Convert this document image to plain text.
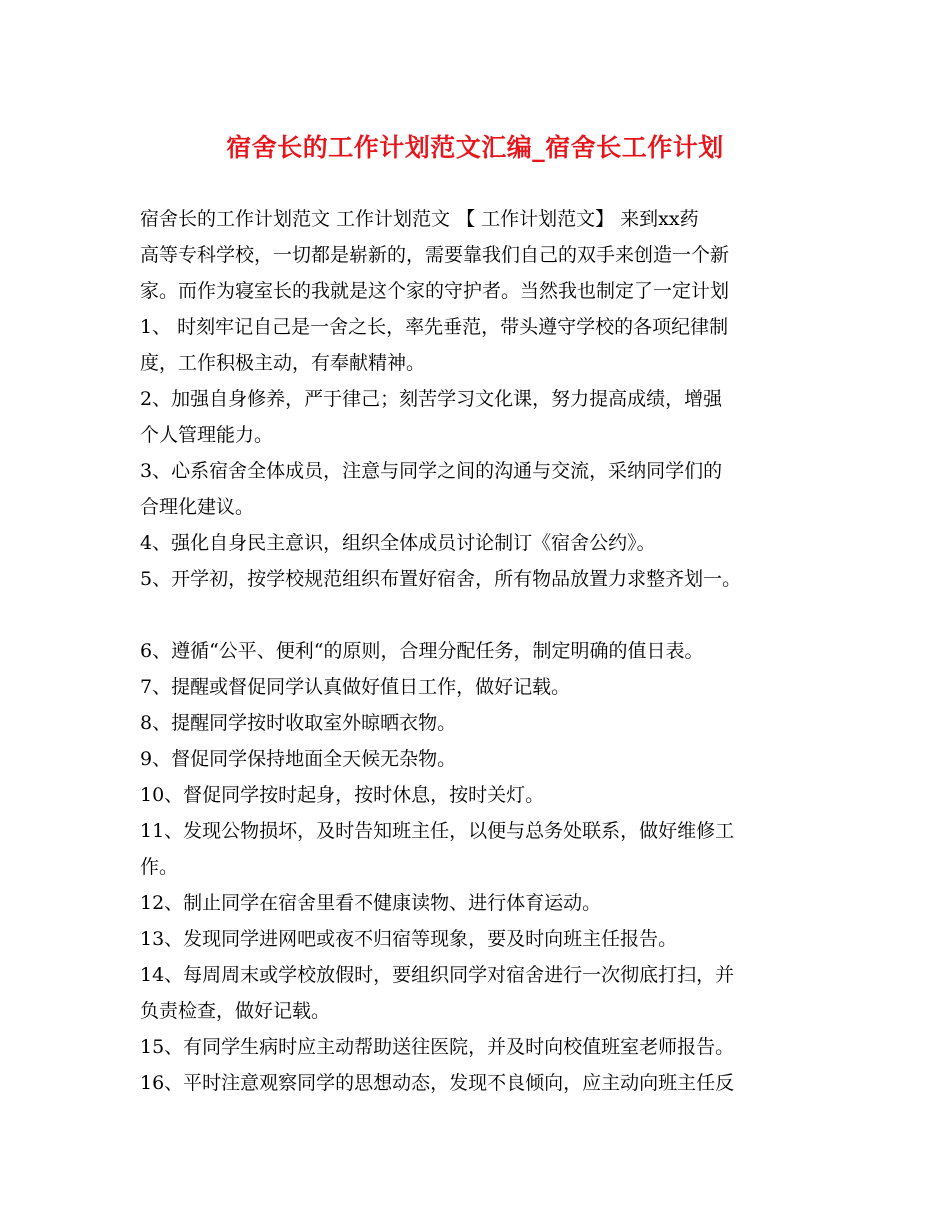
宿舍长的工作计划范文汇编_宿舍长工作计划
宿舍长的工作计划范文 工作计划范文 【 工作计划范文】 来到xx药
高等专科学校，一切都是崭新的，需要靠我们自己的双手来创造一个新
家。而作为寝室长的我就是这个家的守护者。当然我也制定了一定计划
1、 时刻牢记自己是一舍之长，率先垂范，带头遵守学校的各项纪律制
度，工作积极主动，有奉献精神。
2、加强自身修养，严于律己；刻苦学习文化课，努力提高成绩，增强
个人管理能力。
3、心系宿舍全体成员，注意与同学之间的沟通与交流，采纳同学们的
合理化建议。
4、强化自身民主意识，组织全体成员讨论制订《宿舍公约》。
5、开学初，按学校规范组织布置好宿舍，所有物品放置力求整齐划一。
6、遵循“公平、便利“的原则，合理分配任务，制定明确的值日表。
7、提醒或督促同学认真做好值日工作，做好记载。
8、提醒同学按时收取室外晾晒衣物。
9、督促同学保持地面全天候无杂物。
10、督促同学按时起身，按时休息，按时关灯。
11、发现公物损坏，及时告知班主任，以便与总务处联系，做好维修工
作。
12、制止同学在宿舍里看不健康读物、进行体育运动。
13、发现同学进网吧或夜不归宿等现象，要及时向班主任报告。
14、每周周末或学校放假时，要组织同学对宿舍进行一次彻底打扫，并
负责检查，做好记载。
15、有同学生病时应主动帮助送往医院，并及时向校值班室老师报告。
16、平时注意观察同学的思想动态，发现不良倾向，应主动向班主任反
